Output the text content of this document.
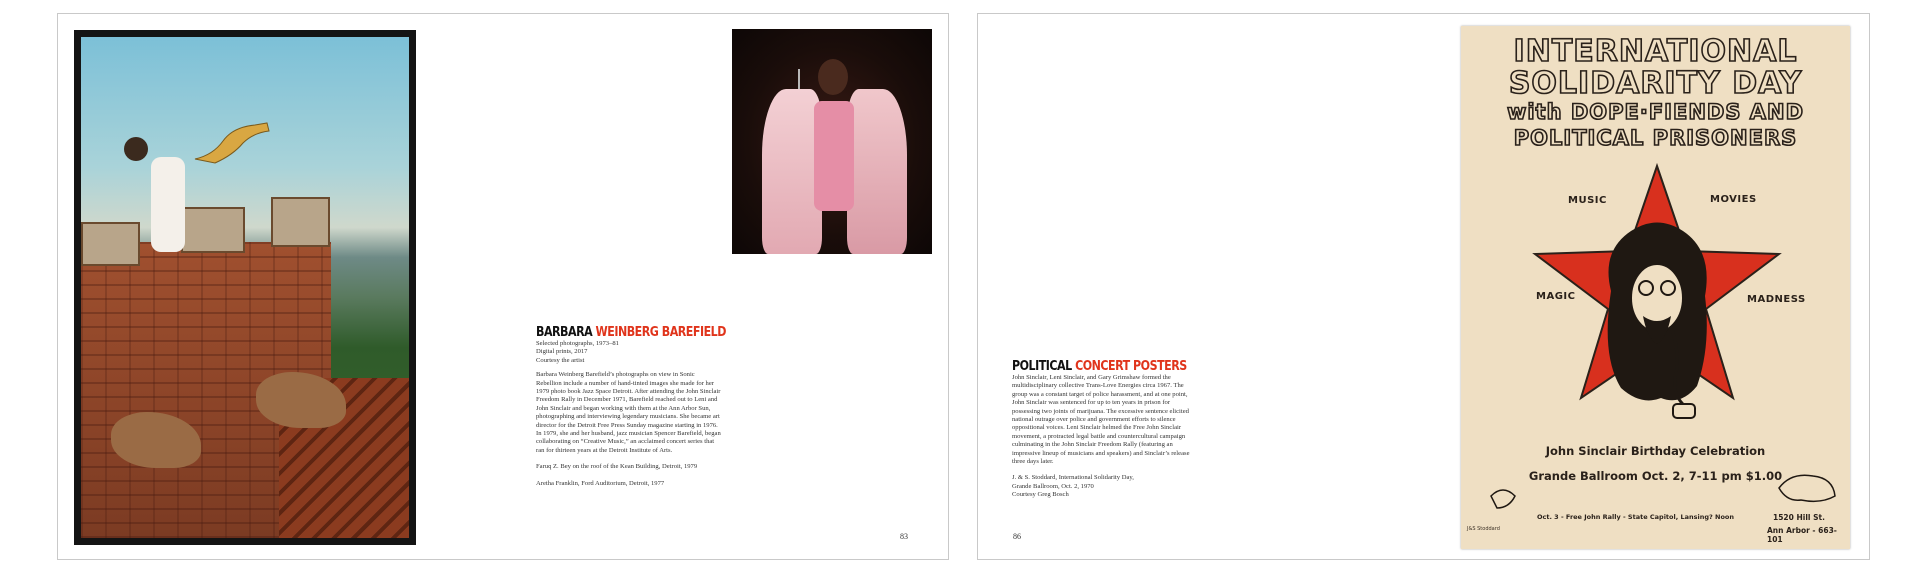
BARBARA WEINBERG BAREFIELD

Selected photographs, 1973–81

Digital prints, 2017

Courtesy the artist

Barbara Weinberg Barefield’s photographs on view in Sonic Rebellion include a number of hand-tinted images she made for her 1979 photo book Jazz Space Detroit. After attending the John Sinclair Freedom Rally in December 1971, Barefield reached out to Leni and John Sinclair and began working with them at the Ann Arbor Sun, photographing and interviewing legendary musicians. She became art director for the Detroit Free Press Sunday magazine starting in 1976. In 1979, she and her husband, jazz musician Spencer Barefield, began collaborating on “Creative Music,” an acclaimed concert series that ran for thirteen years at the Detroit Institute of Arts.

Faruq Z. Bey on the roof of the Kean Building, Detroit, 1979

Aretha Franklin, Ford Auditorium, Detroit, 1977

83	86
POLITICAL CONCERT POSTERS

John Sinclair, Leni Sinclair, and Gary Grimshaw formed the multidisciplinary collective Trans-Love Energies circa 1967. The group was a constant target of police harassment, and at one point, John Sinclair was sentenced for up to ten years in prison for possessing two joints of marijuana. The excessive sentence elicited national outrage over police and government efforts to silence oppositional voices. Leni Sinclair helmed the Free John Sinclair movement, a protracted legal battle and countercultural campaign culminating in the John Sinclair Freedom Rally (featuring an impressive lineup of musicians and speakers) and Sinclair’s release three days later.

J. & S. Stoddard, International Solidarity Day,

Grande Ballroom, Oct. 2, 1970

Courtesy Greg Bosch

INTERNATIONAL
SOLIDARITY DAY
with DOPE·FIENDS AND
POLITICAL PRISONERS
MUSIC	MOVIES
MAGIC	MADNESS
John Sinclair Birthday Celebration
Grande Ballroom Oct. 2, 7-11 pm $1.00
Oct. 3 - Free John Rally - State Capitol, Lansing? Noon	1520 Hill St.
Ann Arbor - 663-101
J&S Stoddard
